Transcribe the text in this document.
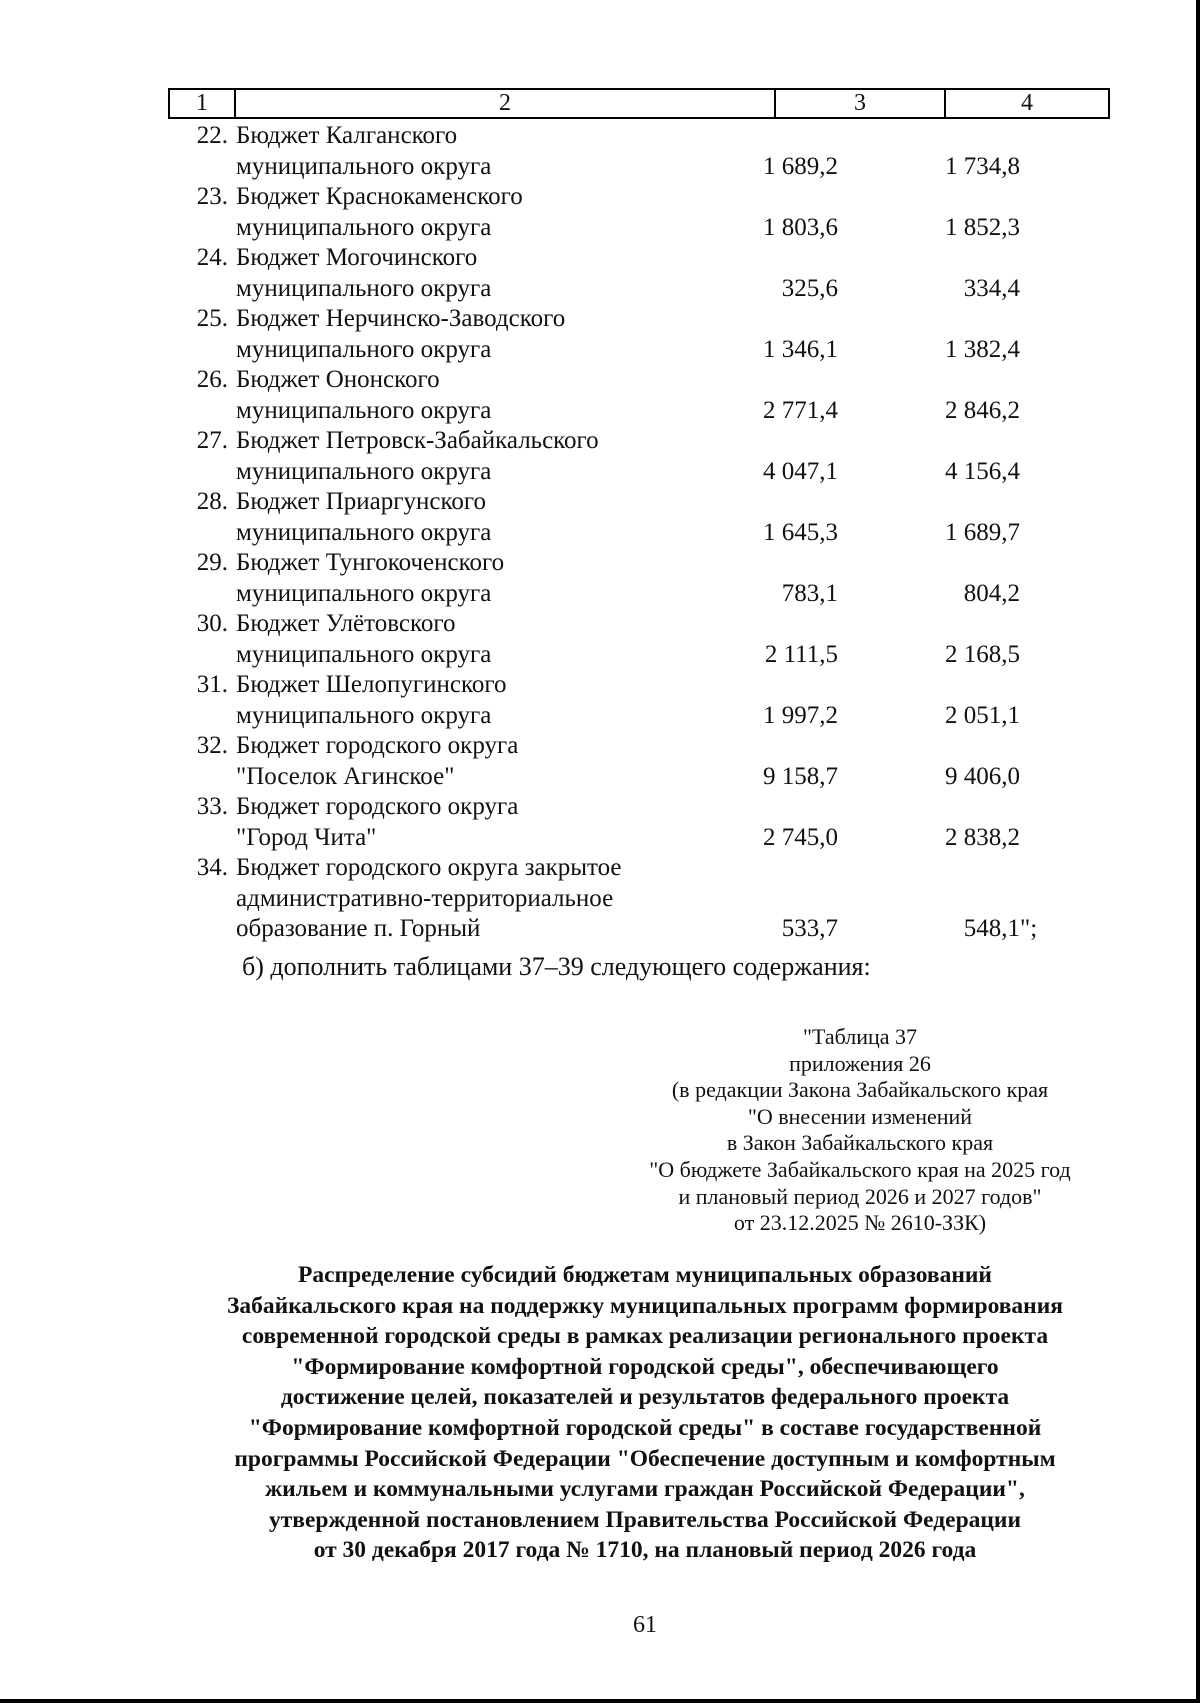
1	2	3	4
22. Бюджет Калганского
муниципального округа	1 689,2	1 734,8
23. Бюджет Краснокаменского
муниципального округа	1 803,6	1 852,3
24. Бюджет Могочинского
муниципального округа	325,6	334,4
25. Бюджет Нерчинско-Заводского
муниципального округа	1 346,1	1 382,4
26. Бюджет Ононского
муниципального округа	2 771,4	2 846,2
27. Бюджет Петровск-Забайкальского
муниципального округа	4 047,1	4 156,4
28. Бюджет Приаргунского
муниципального округа	1 645,3	1 689,7
29. Бюджет Тунгокоченского
муниципального округа	783,1	804,2
30. Бюджет Улётовского
муниципального округа	2 111,5	2 168,5
31. Бюджет Шелопугинского
муниципального округа	1 997,2	2 051,1
32. Бюджет городского округа
"Поселок Агинское"	9 158,7	9 406,0
33. Бюджет городского округа
"Город Чита"	2 745,0	2 838,2
34. Бюджет городского округа закрытое
административно-территориальное
образование п. Горный	533,7	548,1 ";
б) дополнить таблицами 37–39 следующего содержания:
"Таблица 37
приложения 26
(в редакции Закона Забайкальского края
"О внесении изменений
в Закон Забайкальского края
"О бюджете Забайкальского края на 2025 год
и плановый период 2026 и 2027 годов"
от 23.12.2025 № 2610-ЗЗК)
Распределение субсидий бюджетам муниципальных образований
Забайкальского края на поддержку муниципальных программ формирования
современной городской среды в рамках реализации регионального проекта
"Формирование комфортной городской среды", обеспечивающего
достижение целей, показателей и результатов федерального проекта
"Формирование комфортной городской среды" в составе государственной
программы Российской Федерации "Обеспечение доступным и комфортным
жильем и коммунальными услугами граждан Российской Федерации",
утвержденной постановлением Правительства Российской Федерации
от 30 декабря 2017 года № 1710, на плановый период 2026 года
61
